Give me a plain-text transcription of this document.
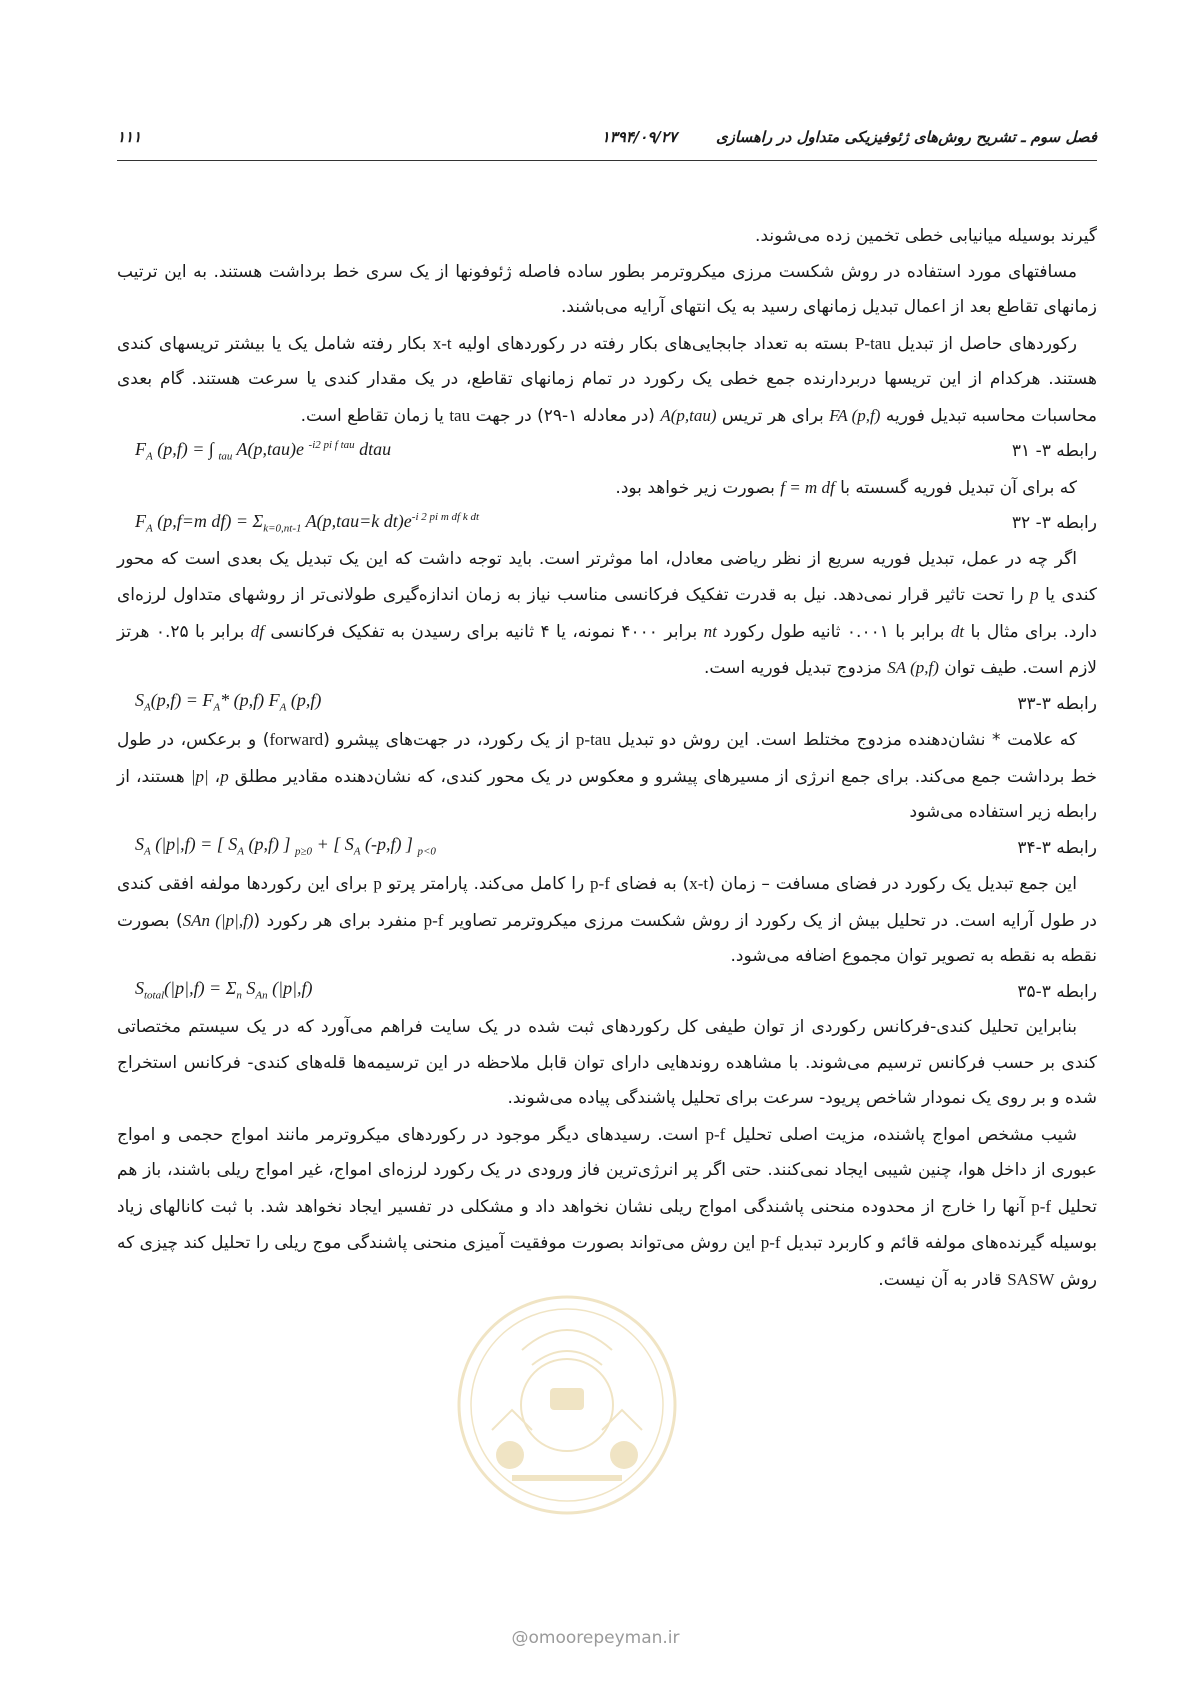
فصل سوم ـ تشریح روش‌های ژئوفیزیکی متداول در راهسازی
۱۳۹۴/۰۹/۲۷
۱۱۱

گیرند بوسیله میانیابی خطی تخمین زده می‌شوند.

مسافتهای مورد استفاده در روش شکست مرزی میکروترمر بطور ساده فاصله ژئوفونها از یک سری خط برداشت هستند. به این ترتیب زمانهای تقاطع بعد از اعمال تبدیل زمانهای رسید به یک انتهای آرایه می‌باشند.

رکوردهای حاصل از تبدیل P-tau بسته به تعداد جابجایی‌های بکار رفته در رکوردهای اولیه x-t بکار رفته شامل یک یا بیشتر تریسهای کندی هستند. هرکدام از این تریسها دربردارنده جمع خطی یک رکورد در تمام زمانهای تقاطع، در یک مقدار کندی یا سرعت هستند. گام بعدی محاسبات محاسبه تبدیل فوریه FA (p,f) برای هر تریس A(p,tau) (در معادله ۱-۲۹) در جهت tau یا زمان تقاطع است.

رابطه ۳- ۳۱
$F_A$ (p,f) = ∫ $_{tau}$ A(p,tau)e $^{-i2 pi f tau}$ dtau

که برای آن تبدیل فوریه گسسته با f = m df بصورت زیر خواهد بود.

رابطه ۳- ۳۲
$F_A$ (p,f=m $df) = \Sigma_{k=0,nt-1}$ A(p,tau=k $dt)e^{-i 2 pi m df k dt}$

اگر چه در عمل، تبدیل فوریه سریع از نظر ریاضی معادل، اما موثرتر است. باید توجه داشت که این یک تبدیل یک بعدی است که محور کندی یا p را تحت تاثیر قرار نمی‌دهد. نیل به قدرت تفکیک فرکانسی مناسب نیاز به زمان اندازه‌گیری طولانی‌تر از روشهای متداول لرزه‌ای دارد. برای مثال با dt برابر با ۰.۰۰۱ ثانیه طول رکورد nt برابر ۴۰۰۰ نمونه، یا ۴ ثانیه برای رسیدن به تفکیک فرکانسی df برابر با ۰.۲۵ هرتز لازم است. طیف توان SA (p,f) مزدوج تبدیل فوریه است.

رابطه ۳-۳۳
$S_A(p,f) = F_A*$ (p,f) $F_A$ (p,f)

که علامت * نشان‌دهنده مزدوج مختلط است. این روش دو تبدیل p-tau از یک رکورد، در جهت‌های پیشرو (forward) و برعکس، در طول خط برداشت جمع می‌کند. برای جمع انرژی از مسیرهای پیشرو و معکوس در یک محور کندی، که نشان‌دهنده مقادیر مطلق p، |p| هستند، از رابطه زیر استفاده می‌شود

رابطه ۳-۳۴
$S_A$ (|p|,f) = [ $S_A$ (p,f) ] $_{p\ge 0}$ + [ $S_A$ (-p,f) ] $_{p<0}$

این جمع تبدیل یک رکورد در فضای مسافت – زمان (x-t) به فضای p-f را کامل می‌کند. پارامتر پرتو p برای این رکوردها مولفه افقی کندی در طول آرایه است. در تحلیل بیش از یک رکورد از روش شکست مرزی میکروترمر تصاویر p-f منفرد برای هر رکورد (SAn (|p|,f)) بصورت نقطه به نقطه به تصویر توان مجموع اضافه می‌شود.

رابطه ۳-۳۵
$S_{total}(|p|,f) = \Sigma_n$ $S_{An}$ (|p|,f)

بنابراین تحلیل کندی-فرکانس رکوردی از توان طیفی کل رکوردهای ثبت شده در یک سایت فراهم می‌آورد که در یک سیستم مختصاتی کندی بر حسب فرکانس ترسیم می‌شوند. با مشاهده روندهایی دارای توان قابل ملاحظه در این ترسیمه‌ها قله‌های کندی- فرکانس استخراج شده و بر روی یک نمودار شاخص پریود- سرعت برای تحلیل پاشندگی پیاده می‌شوند.

شیب مشخص امواج پاشنده، مزیت اصلی تحلیل p-f است. رسیدهای دیگر موجود در رکوردهای میکروترمر مانند امواج حجمی و امواج عبوری از داخل هوا، چنین شیبی ایجاد نمی‌کنند. حتی اگر پر انرژی‌ترین فاز ورودی در یک رکورد لرزه‌ای امواج، غیر امواج ریلی باشند، باز هم تحلیل p-f آنها را خارج از محدوده منحنی پاشندگی امواج ریلی نشان نخواهد داد و مشکلی در تفسیر ایجاد نخواهد شد. با ثبت کانالهای زیاد بوسیله گیرنده‌های مولفه قائم و کاربرد تبدیل p-f این روش می‌تواند بصورت موفقیت آمیزی منحنی پاشندگی موج ریلی را تحلیل کند چیزی که روش SASW قادر به آن نیست.

@omoorepeyman.ir
